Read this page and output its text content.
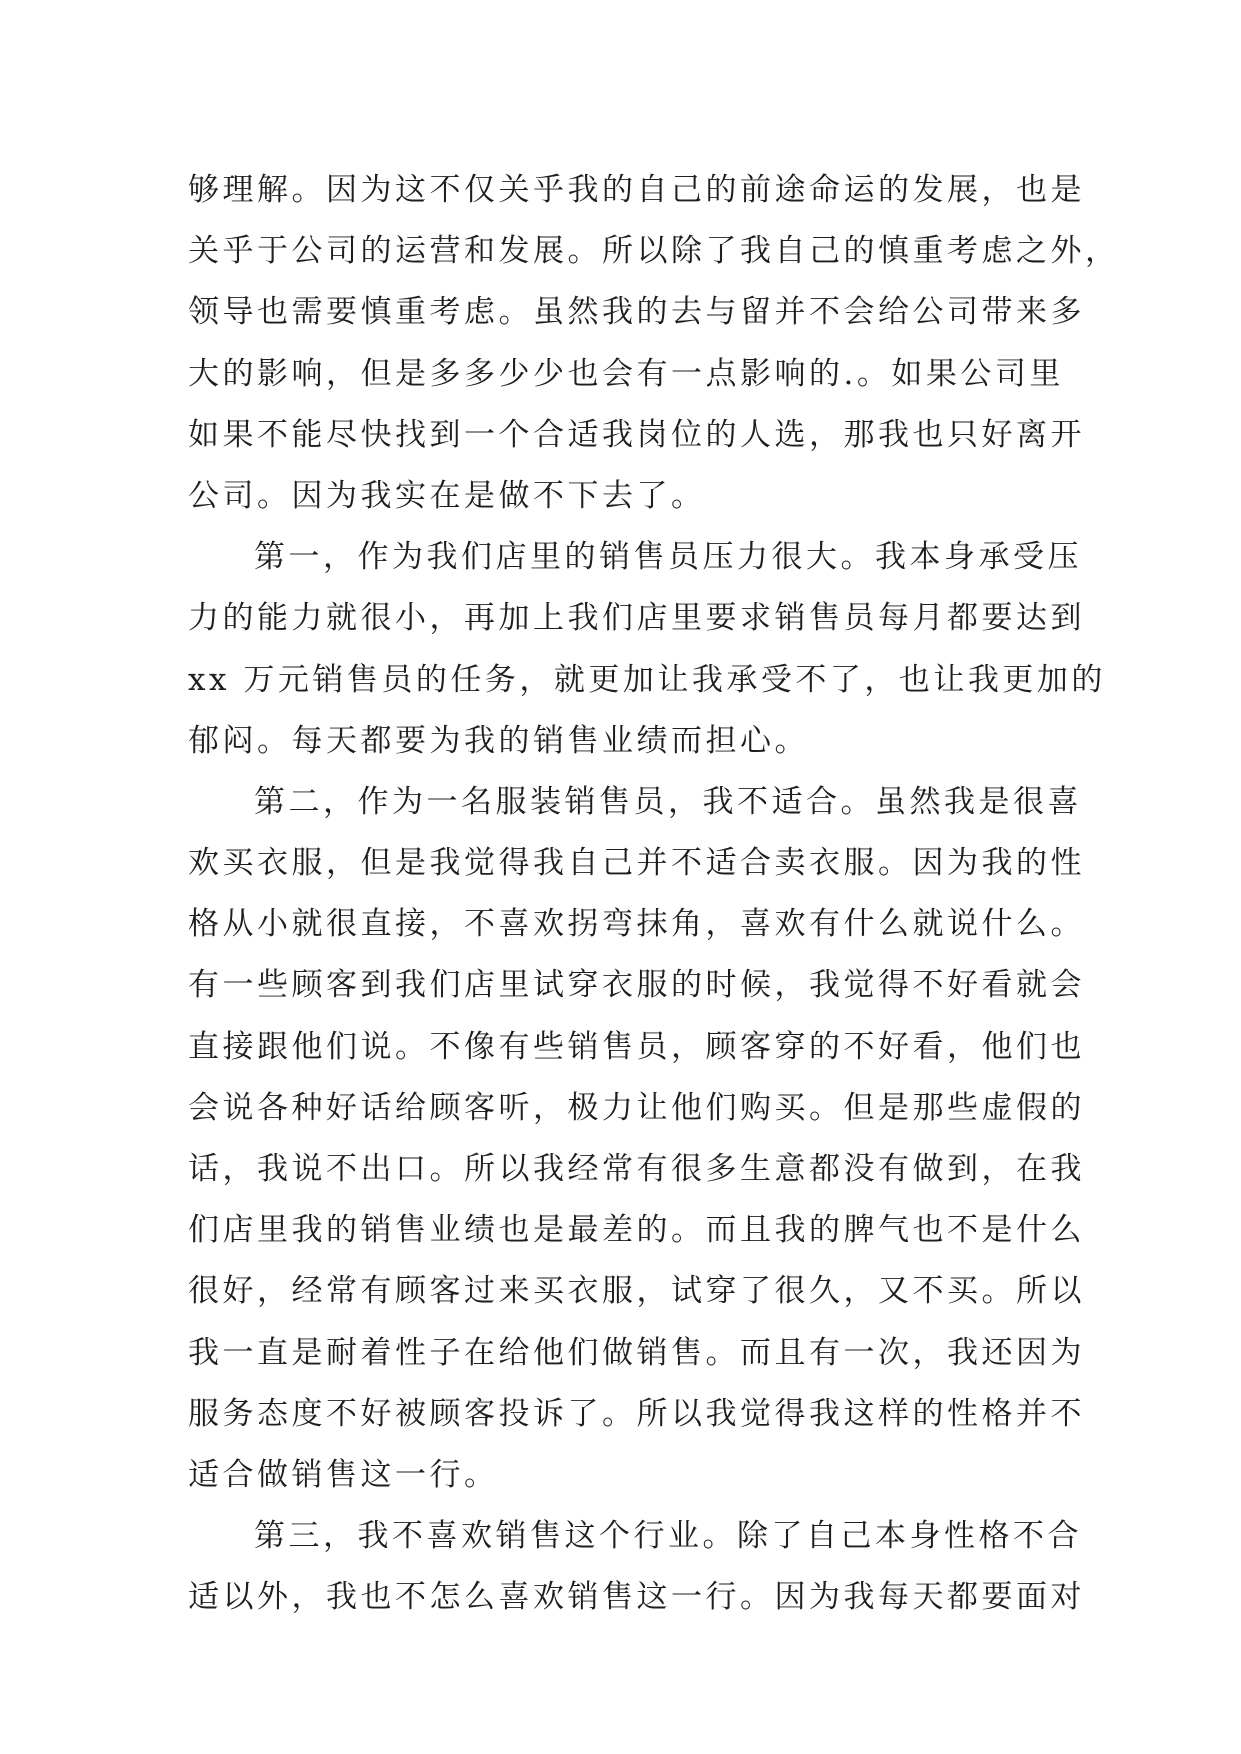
够理解。因为这不仅关乎我的自己的前途命运的发展，也是
关乎于公司的运营和发展。所以除了我自己的慎重考虑之外，
领导也需要慎重考虑。虽然我的去与留并不会给公司带来多
大的影响，但是多多少少也会有一点影响的.。如果公司里
如果不能尽快找到一个合适我岗位的人选，那我也只好离开
公司。因为我实在是做不下去了。
第一，作为我们店里的销售员压力很大。我本身承受压
力的能力就很小，再加上我们店里要求销售员每月都要达到
xx 万元销售员的任务，就更加让我承受不了，也让我更加的
郁闷。每天都要为我的销售业绩而担心。
第二，作为一名服装销售员，我不适合。虽然我是很喜
欢买衣服，但是我觉得我自己并不适合卖衣服。因为我的性
格从小就很直接，不喜欢拐弯抹角，喜欢有什么就说什么。
有一些顾客到我们店里试穿衣服的时候，我觉得不好看就会
直接跟他们说。不像有些销售员，顾客穿的不好看，他们也
会说各种好话给顾客听，极力让他们购买。但是那些虚假的
话，我说不出口。所以我经常有很多生意都没有做到，在我
们店里我的销售业绩也是最差的。而且我的脾气也不是什么
很好，经常有顾客过来买衣服，试穿了很久，又不买。所以
我一直是耐着性子在给他们做销售。而且有一次，我还因为
服务态度不好被顾客投诉了。所以我觉得我这样的性格并不
适合做销售这一行。
第三，我不喜欢销售这个行业。除了自己本身性格不合
适以外，我也不怎么喜欢销售这一行。因为我每天都要面对
